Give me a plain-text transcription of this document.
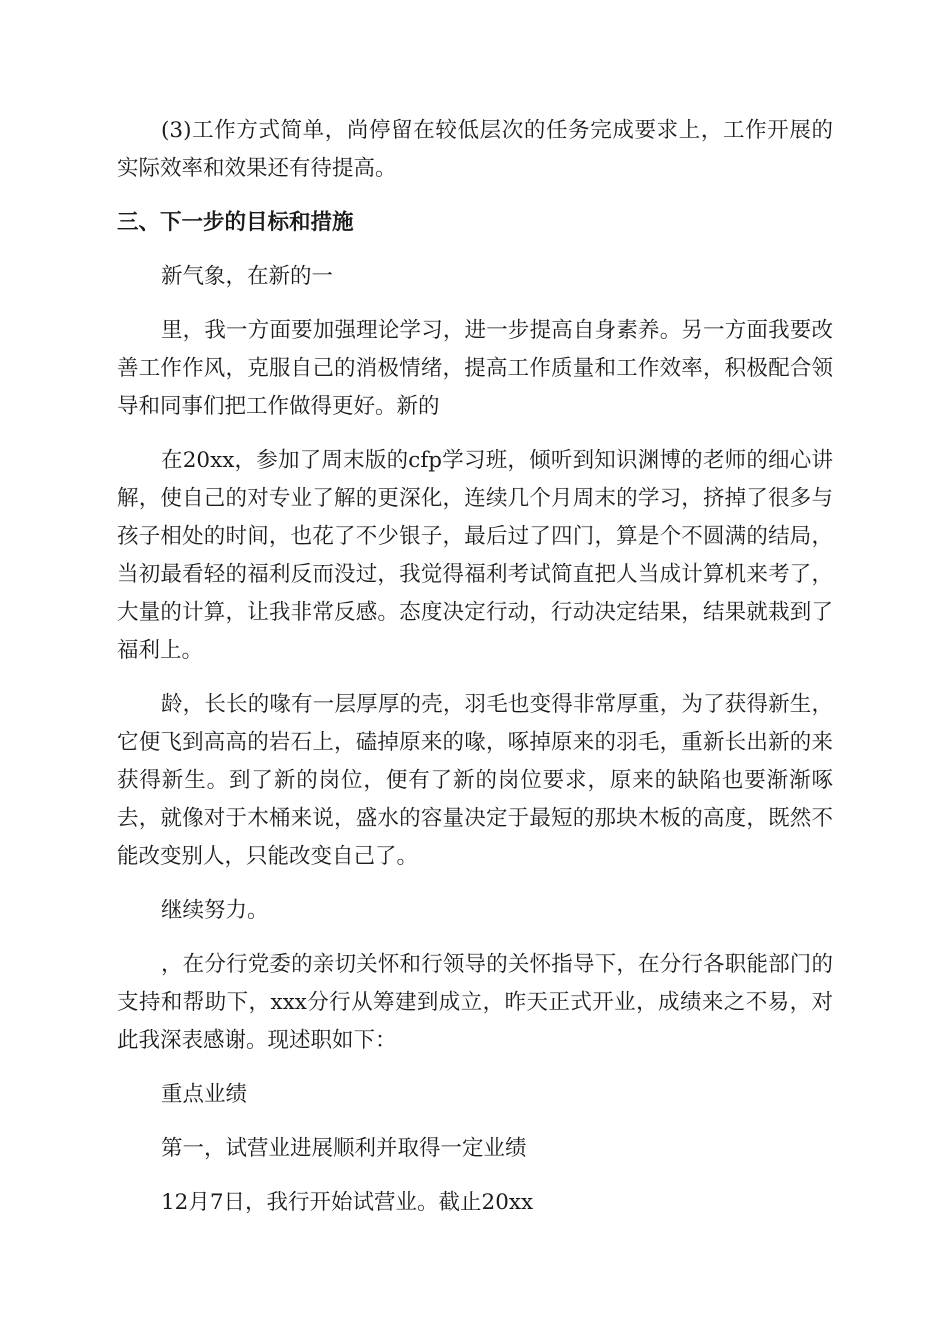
(3)工作方式简单，尚停留在较低层次的任务完成要求上，工作开展的实际效率和效果还有待提高。

三、下一步的目标和措施

新气象，在新的一

里，我一方面要加强理论学习，进一步提高自身素养。另一方面我要改善工作作风，克服自己的消极情绪，提高工作质量和工作效率，积极配合领导和同事们把工作做得更好。新的

在20xx，参加了周末版的cfp学习班，倾听到知识渊博的老师的细心讲解，使自己的对专业了解的更深化，连续几个月周末的学习，挤掉了很多与孩子相处的时间，也花了不少银子，最后过了四门，算是个不圆满的结局，当初最看轻的福利反而没过，我觉得福利考试简直把人当成计算机来考了，大量的计算，让我非常反感。态度决定行动，行动决定结果，结果就栽到了福利上。

龄，长长的喙有一层厚厚的壳，羽毛也变得非常厚重，为了获得新生，它便飞到高高的岩石上，磕掉原来的喙，啄掉原来的羽毛，重新长出新的来获得新生。到了新的岗位，便有了新的岗位要求，原来的缺陷也要渐渐啄去，就像对于木桶来说，盛水的容量决定于最短的那块木板的高度，既然不能改变别人，只能改变自己了。

继续努力。

，在分行党委的亲切关怀和行领导的关怀指导下，在分行各职能部门的支持和帮助下，xxx分行从筹建到成立，昨天正式开业，成绩来之不易，对此我深表感谢。现述职如下：

重点业绩

第一，试营业进展顺利并取得一定业绩

12月7日，我行开始试营业。截止20xx
